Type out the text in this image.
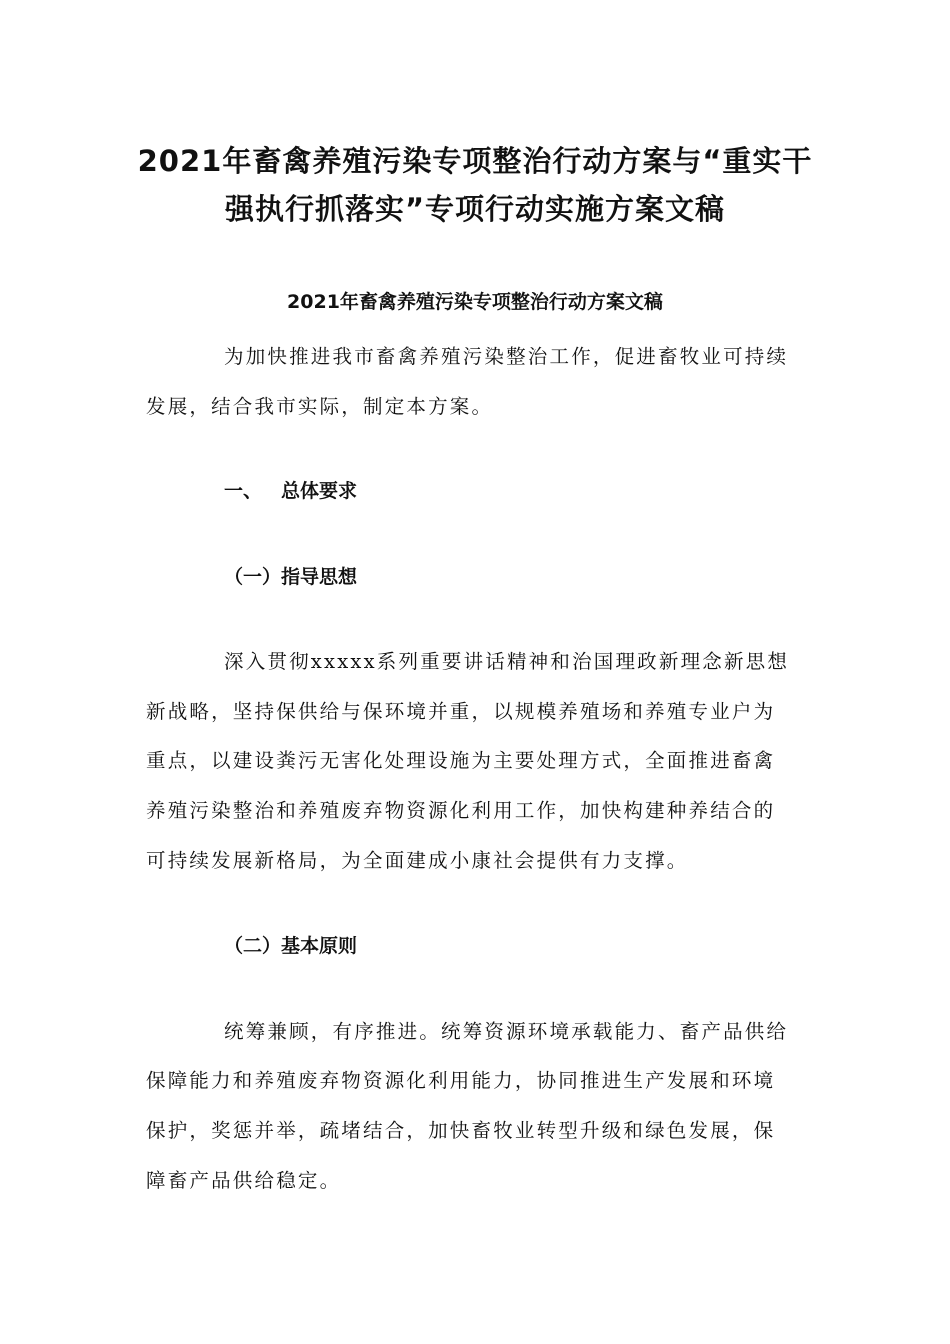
2021年畜禽养殖污染专项整治行动方案与“重实干
强执行抓落实”专项行动实施方案文稿
2021年畜禽养殖污染专项整治行动方案文稿
为加快推进我市畜禽养殖污染整治工作，促进畜牧业可持续
发展，结合我市实际，制定本方案。
一、 总体要求
（一）指导思想
深入贯彻xxxxx系列重要讲话精神和治国理政新理念新思想
新战略，坚持保供给与保环境并重，以规模养殖场和养殖专业户为
重点，以建设粪污无害化处理设施为主要处理方式，全面推进畜禽
养殖污染整治和养殖废弃物资源化利用工作，加快构建种养结合的
可持续发展新格局，为全面建成小康社会提供有力支撑。
（二）基本原则
统筹兼顾，有序推进。统筹资源环境承载能力、畜产品供给
保障能力和养殖废弃物资源化利用能力，协同推进生产发展和环境
保护，奖惩并举，疏堵结合，加快畜牧业转型升级和绿色发展，保
障畜产品供给稳定。
